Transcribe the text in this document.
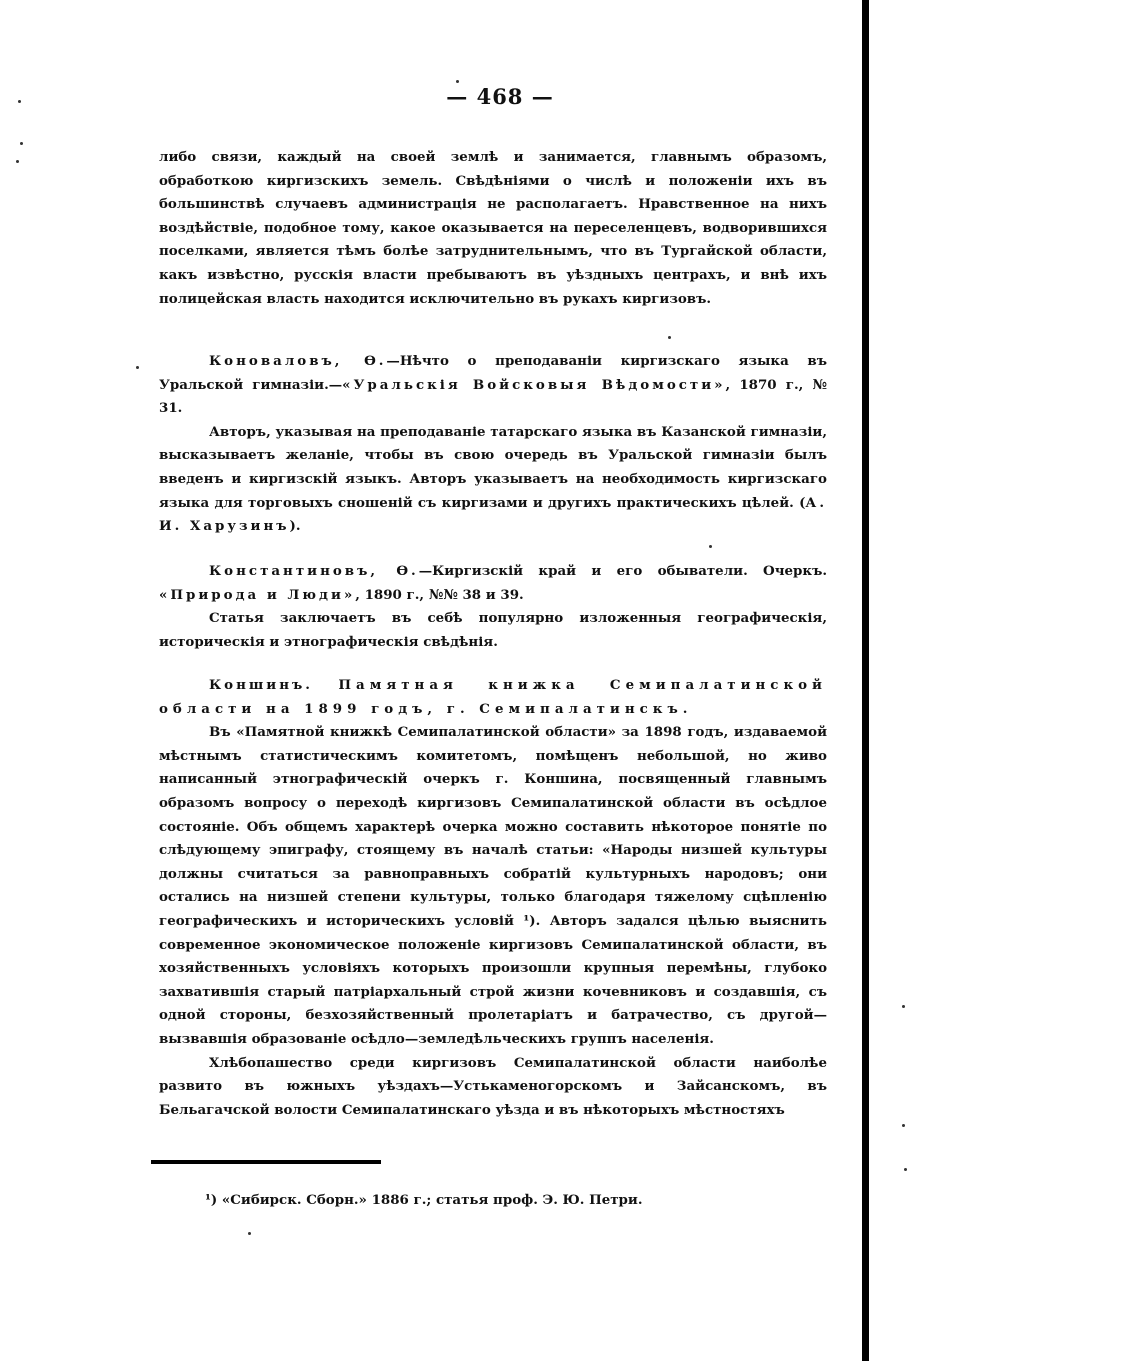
— 468 —

либо связи, каждый на своей землѣ и занимается, главнымъ образомъ, обработкою киргизскихъ земель. Свѣдѣніями о числѣ и положеніи ихъ въ большинствѣ случаевъ администрація не располагаетъ. Нравственное на нихъ воздѣйствіе, подобное тому, какое оказывается на переселенцевъ, водворившихся поселками, является тѣмъ болѣе затруднительнымъ, что въ Тургайской области, какъ извѣстно, русскія власти пребываютъ въ уѣздныхъ центрахъ, и внѣ ихъ полицейская власть находится исключительно въ рукахъ киргизовъ.

Коноваловъ, Ѳ.—Нѣчто о преподаваніи киргизскаго языка въ Уральской гимназіи.—«Уральскія Войсковыя Вѣдомости», 1870 г., № 31.

Авторъ, указывая на преподаваніе татарскаго языка въ Казанской гимназіи, высказываетъ желаніе, чтобы въ свою очередь въ Уральской гимназіи былъ введенъ и киргизскій языкъ. Авторъ указываетъ на необходимость киргизскаго языка для торговыхъ сношеній съ киргизами и другихъ практическихъ цѣлей. (А. И. Харузинъ).

Константиновъ, Ѳ.—Киргизскій край и его обыватели. Очеркъ. «Природа и Люди», 1890 г., №№ 38 и 39.

Статья заключаетъ въ себѣ популярно изложенныя географическія, историческія и этнографическія свѣдѣнія.

Коншинъ. Памятная книжка Семипалатинской области на 1899 годъ, г. Семипалатинскъ.

Въ «Памятной книжкѣ Семипалатинской области» за 1898 годъ, издаваемой мѣстнымъ статистическимъ комитетомъ, помѣщенъ небольшой, но живо написанный этнографическій очеркъ г. Коншина, посвященный главнымъ образомъ вопросу о переходѣ киргизовъ Семипалатинской области въ осѣдлое состояніе. Объ общемъ характерѣ очерка можно составить нѣкоторое понятіе по слѣдующему эпиграфу, стоящему въ началѣ статьи: «Народы низшей культуры должны считаться за равноправныхъ собратій культурныхъ народовъ; они остались на низшей степени культуры, только благодаря тяжелому сцѣпленію географическихъ и историческихъ условій ¹). Авторъ задался цѣлью выяснить современное экономическое положеніе киргизовъ Семипалатинской области, въ хозяйственныхъ условіяхъ которыхъ произошли крупныя перемѣны, глубоко захватившія старый патріархальный строй жизни кочевниковъ и создавшія, съ одной стороны, безхозяйственный пролетаріатъ и батрачество, съ другой—вызвавшія образованіе осѣдло—земледѣльческихъ группъ населенія.

Хлѣбопашество среди киргизовъ Семипалатинской области наиболѣе развито въ южныхъ уѣздахъ—Устькаменогорскомъ и Зайсанскомъ, въ Бельагачской волости Семипалатинскаго уѣзда и въ нѣкоторыхъ мѣстностяхъ

¹) «Сибирск. Сборн.» 1886 г.; статья проф. Э. Ю. Петри.
